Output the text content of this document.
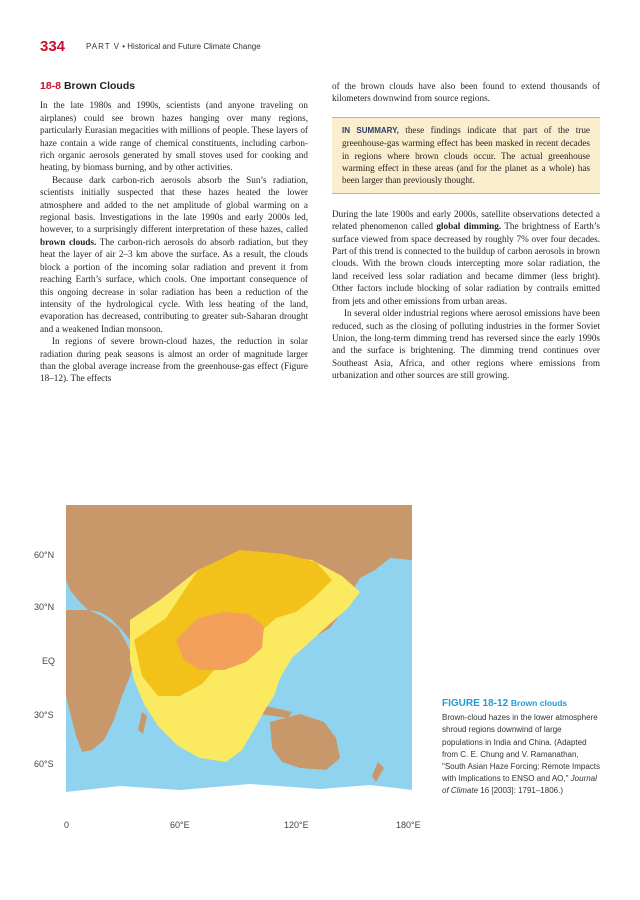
334	PART V • Historical and Future Climate Change
18-8 Brown Clouds

In the late 1980s and 1990s, scientists (and anyone traveling on airplanes) could see brown hazes hanging over many regions, particularly Eurasian megacities with millions of people. These layers of haze contain a wide range of chemical constituents, including carbon-rich organic aerosols generated by small stoves used for cooking and heating, by biomass burning, and by other activities.

Because dark carbon-rich aerosols absorb the Sun’s radiation, scientists initially suspected that these hazes heated the lower atmosphere and added to the net amplitude of global warming on a regional basis. Investigations in the late 1990s and early 2000s led, however, to a surprisingly different interpretation of these hazes, called brown clouds. The carbon-rich aerosols do absorb radiation, but they heat the layer of air 2–3 km above the surface. As a result, the clouds block a portion of the incoming solar radiation and prevent it from reaching Earth’s surface, which cools. One important consequence of this ongoing decrease in solar radiation has been a reduction of the intensity of the hydrological cycle. With less heating of the land, evaporation has decreased, contributing to greater sub-Saharan drought and a weakened Indian monsoon.

In regions of severe brown-cloud hazes, the reduction in solar radiation during peak seasons is almost an order of magnitude larger than the global average increase from the greenhouse-gas effect (Figure 18–12). The effects

of the brown clouds have also been found to extend thousands of kilometers downwind from source regions.

IN SUMMARY, these findings indicate that part of the true greenhouse-gas warming effect has been masked in recent decades in regions where brown clouds occur. The actual greenhouse warming effect in these areas (and for the planet as a whole) has been larger than previously thought.

During the late 1900s and early 2000s, satellite observations detected a related phenomenon called global dimming. The brightness of Earth’s surface viewed from space decreased by roughly 7% over four decades. Part of this trend is connected to the buildup of carbon aerosols in brown clouds. With the brown clouds intercepting more solar radiation, the land received less solar radiation and became dimmer (less bright). Other factors include blocking of solar radiation by contrails emitted from jets and other emissions from urban areas.

In several older industrial regions where aerosol emissions have been reduced, such as the closing of polluting industries in the former Soviet Union, the long-term dimming trend has reversed since the early 1990s and the surface is brightening. The dimming trend continues over Southeast Asia, Africa, and other regions where emissions from urbanization and other sources are still growing.

60°N
30°N
EQ
30°S
60°S
0	60°E	120°E	180°E
FIGURE 18-12 Brown clouds
Brown-cloud hazes in the lower atmosphere shroud regions downwind of large populations in India and China. (Adapted from C. E. Chung and V. Ramanathan, "South Asian Haze Forcing: Remote Impacts with Implications to ENSO and AO," Journal of Climate 16 [2003]: 1791–1806.)
